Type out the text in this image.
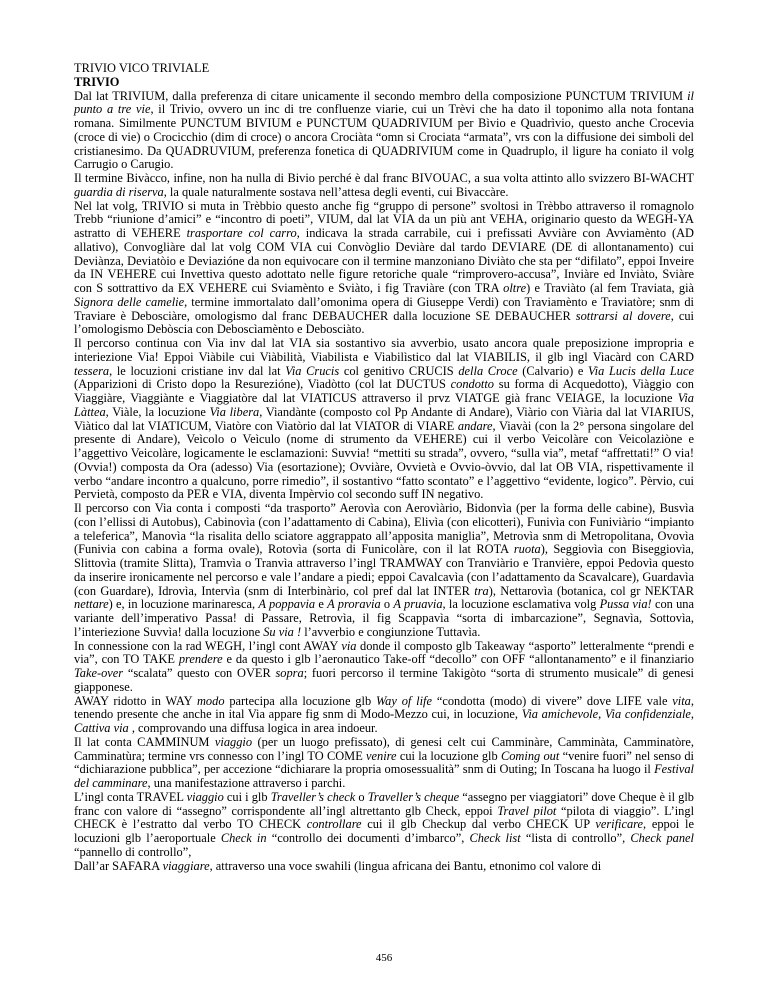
TRIVIO VICO TRIVIALE

TRIVIO

Dal lat TRIVIUM, dalla preferenza di citare unicamente il secondo membro della composizione PUNCTUM TRIVIUM il punto a tre vie, il Trivio, ovvero un inc di tre confluenze viarie, cui un Trèvi che ha dato il toponimo alla nota fontana romana. Similmente PUNCTUM BIVIUM e PUNCTUM QUADRIVIUM per Bìvio e Quadrìvio, questo anche Crocevia (croce di vie) o Crocicchio (dim di croce) o ancora Crociàta “omn si Crociata “armata”, vrs con la diffusione dei simboli del cristianesimo. Da QUADRUVIUM, preferenza fonetica di QUADRIVIUM come in Quadruplo, il ligure ha coniato il volg Carrugio o Carugio.

Il termine Bivàcco, infine, non ha nulla di Bivio perché è dal franc BIVOUAC, a sua volta attinto allo svizzero BI-WACHT guardia di riserva, la quale naturalmente sostava nell’attesa degli eventi, cui Bivaccàre.

Nel lat volg, TRIVIO si muta in Trèbbio questo anche fig “gruppo di persone” svoltosi in Trèbbo attraverso il romagnolo Trebb “riunione d’amici” e “incontro di poeti”, VIUM, dal lat VIA da un più ant VEHA, originario questo da WEGH-YA astratto di VEHERE trasportare col carro, indicava la strada carrabile, cui i prefissati Avviàre con Avviamènto (AD allativo), Convogliàre dal lat volg COM VIA cui Convòglio Deviàre dal tardo DEVIARE (DE di allontanamento) cui Deviànza, Deviatòio e Deviazióne da non equivocare con il termine manzoniano Diviàto che sta per “difilato”, eppoi Inveire da IN VEHERE cui Invettiva questo adottato nelle figure retoriche quale “rimprovero-accusa”, Inviàre ed Inviàto, Sviàre con S sottrattivo da EX VEHERE cui Sviamènto e Sviàto, i fig Traviàre (con TRA oltre) e Traviàto (al fem Traviata, già Signora delle camelie, termine immortalato dall’omonima opera di Giuseppe Verdi) con Traviamènto e Traviatòre; snm di Traviare è Debosciàre, omologismo dal franc DEBAUCHER dalla locuzione SE DEBAUCHER sottrarsi al dovere, cui l’omologismo Debòscia con Deboscìamènto e Debosciàto.

Il percorso continua con Via inv dal lat VIA sia sostantivo sia avverbio, usato ancora quale preposizione impropria e interiezione Via! Eppoi Viàbile cui Viàbilità, Viabilista e Viabilìstico dal lat VIABILIS, il glb ingl Viacàrd con CARD tessera, le locuzioni cristiane inv dal lat Via Crucis col genitivo CRUCIS della Croce (Calvario) e Via Lucis della Luce (Apparizioni di Cristo dopo la Resurezióne), Viadòtto (col lat DUCTUS condotto su forma di Acquedotto), Viàggio con Viaggiàre, Viaggiànte e Viaggiatòre dal lat VIATICUS attraverso il prvz VIATGE già franc VEIAGE, la locuzione Via Làttea, Viàle, la locuzione Via libera, Viandànte (composto col Pp Andante di Andare), Viàrio con Viària dal lat VIARIUS, Viàtico dal lat VIATICUM, Viatòre con Viatòrio dal lat VIATOR di VIARE andare, Viavài (con la 2° persona singolare del presente di Andare), Veìcolo o Veìculo (nome di strumento da VEHERE) cui il verbo Veicolàre con Veicolaziòne e l’aggettivo Veicolàre, logicamente le esclamazioni: Suvvia! “mettiti su strada”, ovvero, “sulla via”, metaf “affrettati!” O via! (Ovvia!) composta da Ora (adesso) Via (esortazione); Ovviàre, Ovvietà e Ovvio-òvvio, dal lat OB VIA, rispettivamente il verbo “andare incontro a qualcuno, porre rimedio”, il sostantivo “fatto scontato” e l’aggettivo “evidente, logico”. Pèrvio, cui Pervietà, composto da PER e VIA, diventa Impèrvio col secondo suff IN negativo.

Il percorso con Via conta i composti “da trasporto” Aerovìa con Aerovìàrio, Bidonvìa (per la forma delle cabine), Busvìa (con l’ellissi di Autobus), Cabinovìa (con l’adattamento di Cabina), Elivìa (con elicotteri), Funivìa con Funiviàrio “impianto a teleferica”, Manovìa “la risalita dello sciatore aggrappato all’apposita maniglia”, Metrovìa snm di Metropolitana, Ovovìa (Funivia con cabina a forma ovale), Rotovìa (sorta di Funicolàre, con il lat ROTA ruota), Seggiovìa con Biseggiovìa, Slittovìa (tramite Slitta), Tramvìa o Tranvìa attraverso l’ingl TRAMWAY con Tranviàrio e Tranvière, eppoi Pedovìa questo da inserire ironicamente nel percorso e vale l’andare a piedi; eppoi Cavalcavìa (con l’adattamento da Scavalcare), Guardavìa (con Guardare), Idrovìa, Intervìa (snm di Interbinàrio, col pref dal lat INTER tra), Nettarovìa (botanica, col gr NEKTAR nettare) e, in locuzione marinaresca, A poppavia e A proravia o A pruavia, la locuzione esclamativa volg Pussa via! con una variante dell’imperativo Passa! di Passare, Retrovìa, il fig Scappavìa “sorta di imbarcazione”, Segnavìa, Sottovìa, l’interiezione Suvvìa! dalla locuzione Su via ! l’avverbio e congiunzione Tuttavìa.

In connessione con la rad WEGH, l’ingl cont AWAY via donde il composto glb Takeaway “asporto” letteralmente “prendi e via”, con TO TAKE prendere e da questo i glb l’aeronautico Take-off “decollo” con OFF “allontanamento” e il finanziario Take-over “scalata” questo con OVER sopra; fuori percorso il termine Takigòto “sorta di strumento musicale” di genesi giapponese.

AWAY ridotto in WAY modo partecipa alla locuzione glb Way of life “condotta (modo) di vivere” dove LIFE vale vita, tenendo presente che anche in ital Via appare fig snm di Modo-Mezzo cui, in locuzione, Via amichevole, Via confidenziale, Cattiva via , comprovando una diffusa logica in area indoeur.

Il lat conta CAMMINUM viaggio (per un luogo prefissato), di genesi celt cui Camminàre, Camminàta, Camminatòre, Camminatùra; termine vrs connesso con l’ingl TO COME venire cui la locuzione glb Coming out “venire fuori” nel senso di “dichiarazione pubblica”, per accezione “dichiarare la propria omosessualità” snm di Outing; In Toscana ha luogo il Festival del camminare, una manifestazione attraverso i parchi.

L’ingl conta TRAVEL viaggio cui i glb Traveller’s check o Traveller’s cheque “assegno per viaggiatori” dove Cheque è il glb franc con valore di “assegno” corrispondente all’ingl altrettanto glb Check, eppoi Travel pilot “pilota di viaggio”. L’ingl CHECK è l’estratto dal verbo TO CHECK controllare cui il glb Checkup dal verbo CHECK UP verificare, eppoi le locuzioni glb l’aeroportuale Check in “controllo dei documenti d’imbarco”, Check list “lista di controllo”, Check panel “pannello di controllo”,

Dall’ar SAFARA viaggiare, attraverso una voce swahili (lingua africana dei Bantu, etnonimo col valore di

456
